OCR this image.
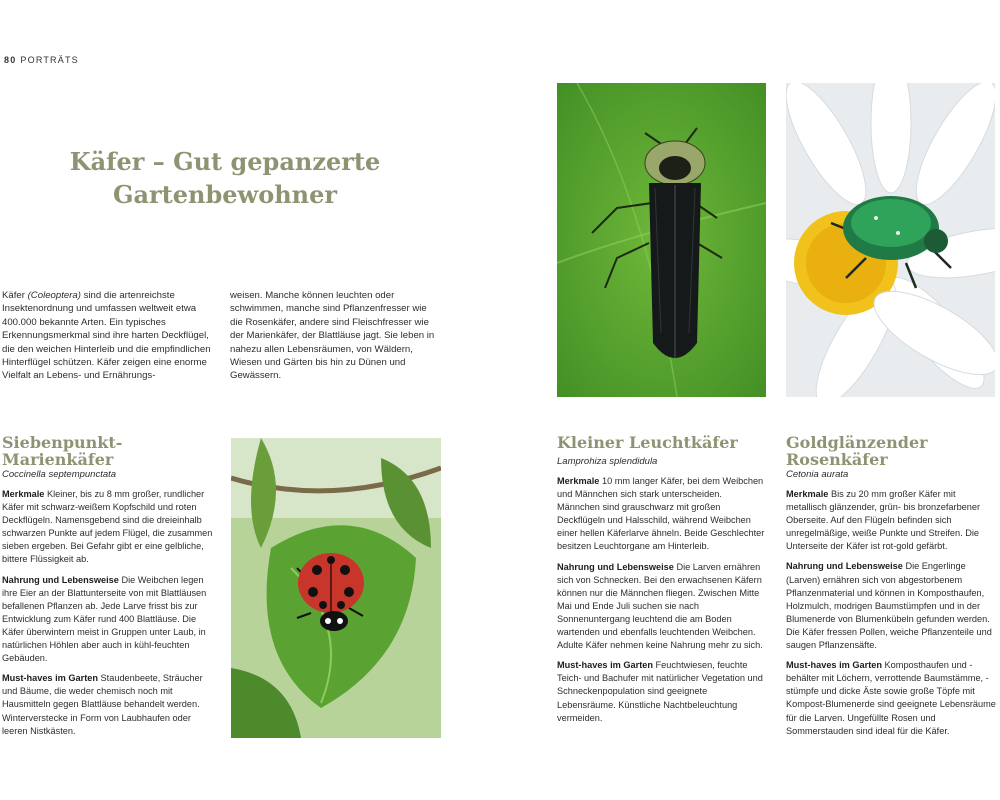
80 PORTRÄTS
Käfer – Gut gepanzerte
Gartenbewohner
Käfer (Coleoptera) sind die artenreichste Insektenordnung und umfassen weltweit etwa 400.000 bekannte Arten. Ein typisches Erkennungsmerkmal sind ihre harten Deckflügel, die den weichen Hinterleib und die empfindlichen Hinterflügel schützen. Käfer zeigen eine enorme Vielfalt an Lebens- und Ernährungs-
weisen. Manche können leuchten oder schwimmen, manche sind Pflanzenfresser wie die Rosenkäfer, andere sind Fleischfresser wie der Marienkäfer, der Blattläuse jagt. Sie leben in nahezu allen Lebensräumen, von Wäldern, Wiesen und Gärten bis hin zu Dünen und Gewässern.
Siebenpunkt-
Marienkäfer
Coccinella septempunctata

Merkmale Kleiner, bis zu 8 mm großer, rundlicher Käfer mit schwarz-weißem Kopfschild und roten Deckflügeln. Namensgebend sind die dreieinhalb schwarzen Punkte auf jedem Flügel, die zusammen sieben ergeben. Bei Gefahr gibt er eine gelbliche, bittere Flüssigkeit ab.

Nahrung und Lebensweise Die Weibchen legen ihre Eier an der Blattunterseite von mit Blattläusen befallenen Pflanzen ab. Jede Larve frisst bis zur Entwicklung zum Käfer rund 400 Blattläuse. Die Käfer überwintern meist in Gruppen unter Laub, in natürlichen Höhlen aber auch in kühl-feuchten Gebäuden.

Must-haves im Garten Staudenbeete, Sträucher und Bäume, die weder chemisch noch mit Hausmitteln gegen Blattläuse behandelt werden. Winterverstecke in Form von Laubhaufen oder leeren Nistkästen.

Kleiner Leuchtkäfer
Lamprohiza splendidula

Merkmale 10 mm langer Käfer, bei dem Weibchen und Männchen sich stark unterscheiden. Männchen sind grauschwarz mit großen Deckflügeln und Halsschild, während Weibchen einer hellen Käferlarve ähneln. Beide Geschlechter besitzen Leuchtorgane am Hinterleib.

Nahrung und Lebensweise Die Larven ernähren sich von Schnecken. Bei den erwachsenen Käfern können nur die Männchen fliegen. Zwischen Mitte Mai und Ende Juli suchen sie nach Sonnenuntergang leuchtend die am Boden wartenden und ebenfalls leuchtenden Weibchen. Adulte Käfer nehmen keine Nahrung mehr zu sich.

Must-haves im Garten Feuchtwiesen, feuchte Teich- und Bachufer mit natürlicher Vegetation und Schneckenpopulation sind geeignete Lebensräume. Künstliche Nachtbeleuchtung vermeiden.

Goldglänzender
Rosenkäfer
Cetonia aurata

Merkmale Bis zu 20 mm großer Käfer mit metallisch glänzender, grün- bis bronzefarbener Oberseite. Auf den Flügeln befinden sich unregelmäßige, weiße Punkte und Streifen. Die Unterseite der Käfer ist rot-gold gefärbt.

Nahrung und Lebensweise Die Engerlinge (Larven) ernähren sich von abgestorbenem Pflanzenmaterial und können in Komposthaufen, Holzmulch, modrigen Baumstümpfen und in der Blumenerde von Blumenkübeln gefunden werden. Die Käfer fressen Pollen, weiche Pflanzenteile und saugen Pflanzensäfte.

Must-haves im Garten Komposthaufen und -behälter mit Löchern, verrottende Baumstämme, -stümpfe und dicke Äste sowie große Töpfe mit Kompost-Blumenerde sind geeignete Lebensräume für die Larven. Ungefüllte Rosen und Sommerstauden sind ideal für die Käfer.
